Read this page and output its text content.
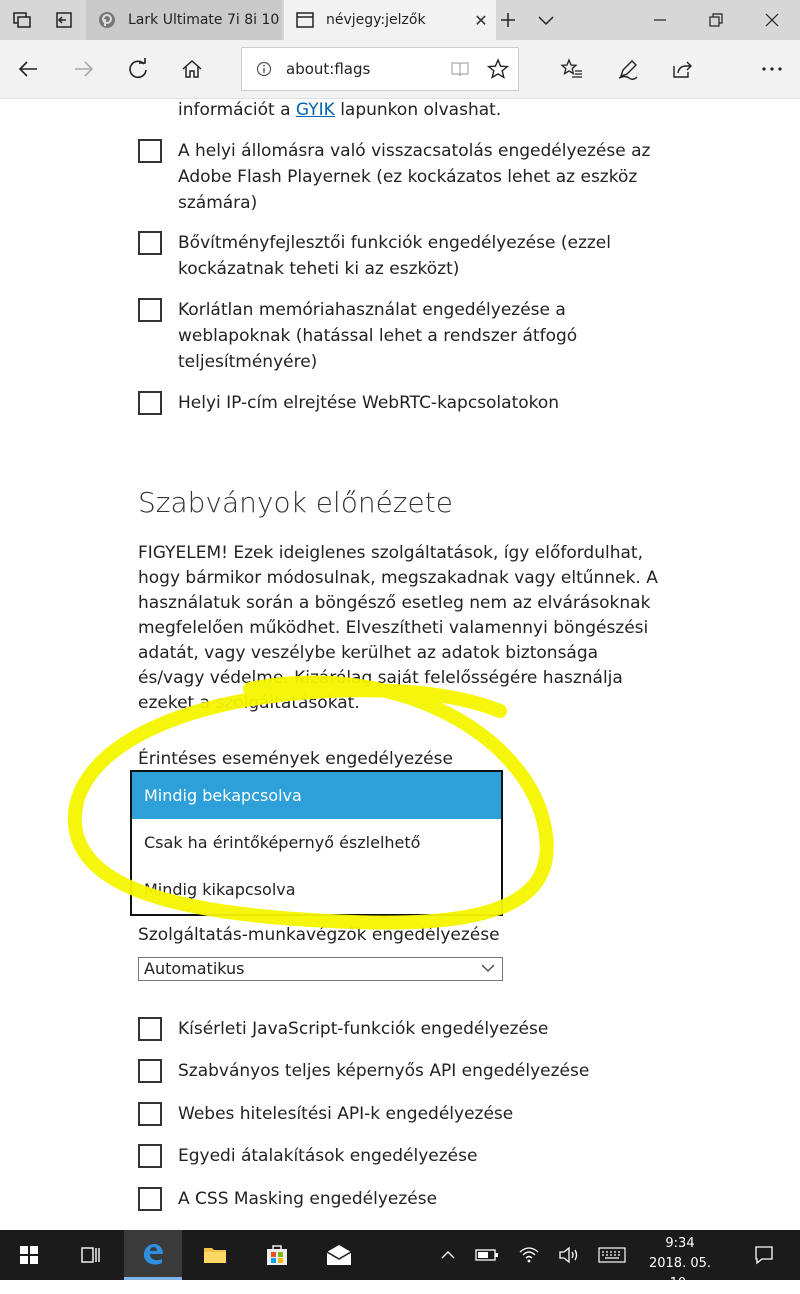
Lark Ultimate 7i 8i 10	névjegy:jelzők	✕
about:flags
információt a GYIK lapunkon olvashat.
A helyi állomásra való visszacsatolás engedélyezése az
Adobe Flash Playernek (ez kockázatos lehet az eszköz
számára)
Bővítményfejlesztői funkciók engedélyezése (ezzel
kockázatnak teheti ki az eszközt)
Korlátlan memóriahasználat engedélyezése a
weblapoknak (hatással lehet a rendszer átfogó
teljesítményére)
Helyi IP-cím elrejtése WebRTC-kapcsolatokon
Szabványok előnézete
FIGYELEM! Ezek ideiglenes szolgáltatások, így előfordulhat,
hogy bármikor módosulnak, megszakadnak vagy eltűnnek. A
használatuk során a böngésző esetleg nem az elvárásoknak
megfelelően működhet. Elveszítheti valamennyi böngészési
adatát, vagy veszélybe kerülhet az adatok biztonsága
és/vagy védelme. Kizárólag saját felelősségére használja
ezeket a szolgáltatásokat.
Érintéses események engedélyezése
Mindig bekapcsolva
Csak ha érintőképernyő észlelhető
Mindig kikapcsolva
Szolgáltatás-munkavégzők engedélyezése
Automatikus
Kísérleti JavaScript-funkciók engedélyezése
Szabványos teljes képernyős API engedélyezése
Webes hitelesítési API-k engedélyezése
Egyedi átalakítások engedélyezése
A CSS Masking engedélyezése
9:34
2018. 05. 10.
